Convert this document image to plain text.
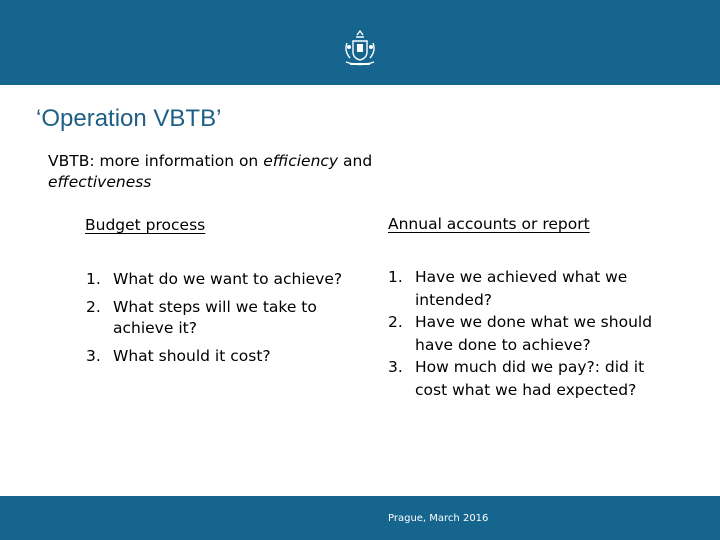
‘Operation VBTB’
VBTB: more information on efficiency and
effectiveness
Budget process	Annual accounts or report
1. What do we want to achieve?
2. What steps will we take to achieve it?
3. What should it cost?
1. Have we achieved what we intended?
2. Have we done what we should have done to achieve?
3. How much did we pay?: did it cost what we had expected?
Prague, March 2016
